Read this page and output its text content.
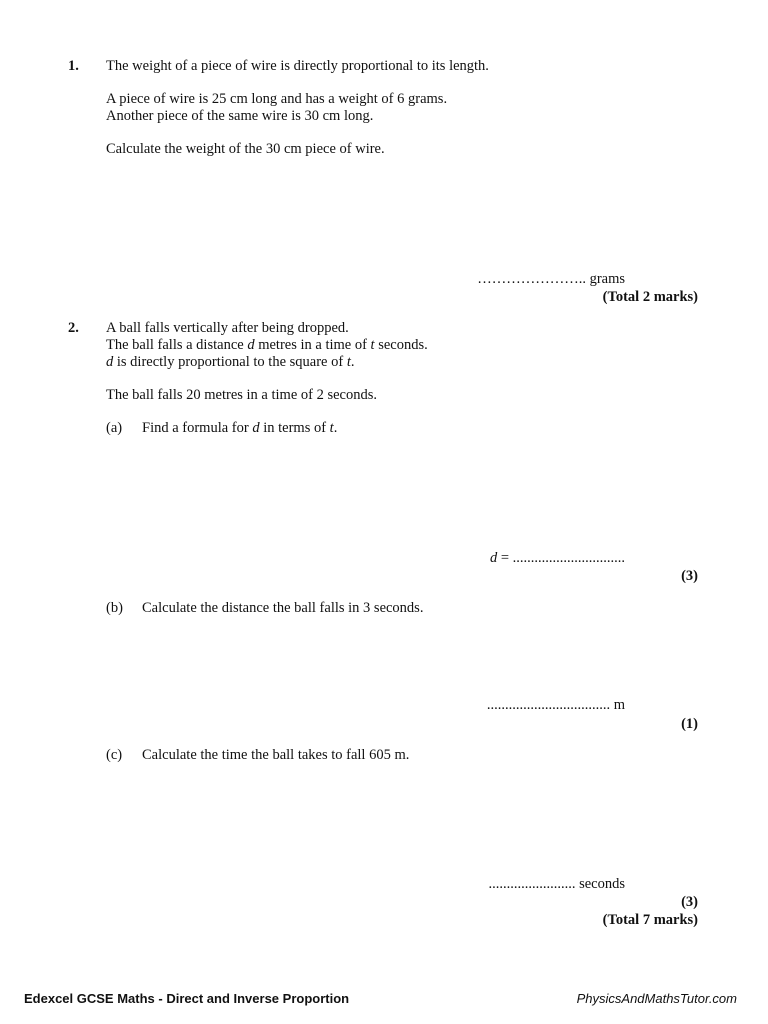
1. The weight of a piece of wire is directly proportional to its length.
A piece of wire is 25 cm long and has a weight of 6 grams.
Another piece of the same wire is 30 cm long.
Calculate the weight of the 30 cm piece of wire.
………………….. grams
(Total 2 marks)
2. A ball falls vertically after being dropped.
The ball falls a distance d metres in a time of t seconds.
d is directly proportional to the square of t.
The ball falls 20 metres in a time of 2 seconds.
(a) Find a formula for d in terms of t.
d = ...............................
(3)
(b) Calculate the distance the ball falls in 3 seconds.
.................................. m
(1)
(c) Calculate the time the ball takes to fall 605 m.
........................ seconds
(3)
(Total 7 marks)
Edexcel GCSE Maths - Direct and Inverse Proportion	PhysicsAndMathsTutor.com
